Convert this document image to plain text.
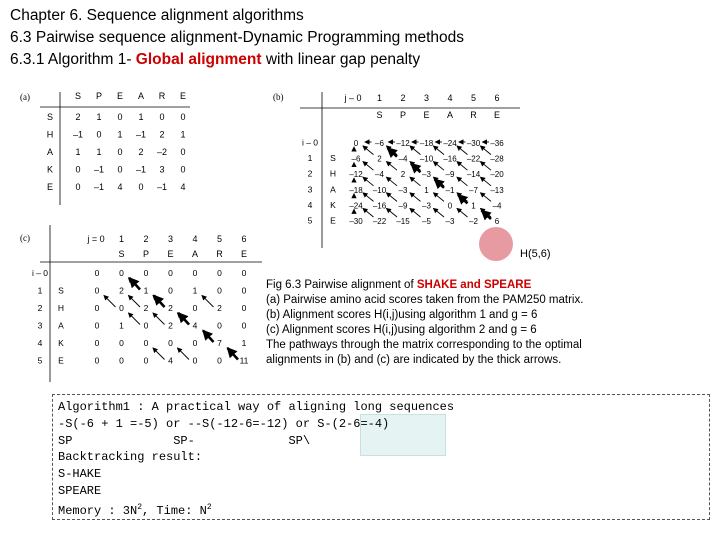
Chapter 6. Sequence alignment algorithms
6.3 Pairwise sequence alignment-Dynamic Programming methods
6.3.1 Algorithm 1- Global alignment with linear gap penalty
(a)	(b)
(c)
H(5,6)
S P E A R E
S 2 1 0 1 0 0
H –1 0 1 –1 2 1
A 1 1 0 2 –2 0
K 0 –1 0 –1 3 0
E 0 –1 4 0 –1 4
j – 0 1 2 3 4 5 6
S P E A R E
i – 0
1
2
3
4
5
S
H
A
K
E
0 –6 –12 –18 –24 –30 –36
–6 2 –4 –10 –16 –22 –28
–12 –4 2 –3 –9 –14 –20
–18 –10 –3 1 –1 –7 –13
–24 –16 –9 –3 0 1 –4
–30 –22 –15 –5 –3 –2 6
j = 0 1 2 3 4 5 6
S P E A R E
i – 0
1
2
3
4
5
S
H
A
K
E
0 0 0 0 0 0 0
0 2 1 0 1 0 0
0 0 2 2 0 2 0
0 1 0 2 4 0 0
0 0 0 0 0 7 1
0 0 0 4 0 0 11
Fig 6.3 Pairwise alignment of SHAKE and SPEARE
(a) Pairwise amino acid scores taken from the PAM250 matrix.
(b) Alignment scores H(i,j)using algorithm 1 and g = 6
(c) Alignment scores H(i,j)using algorithm 2 and g = 6
The pathways through the matrix corresponding to the optimal
alignments in (b) and (c) are indicated by the thick arrows.
Algorithm1 : A practical way of aligning long sequences
-S(-6 + 1 =-5) or --S(-12-6=-12) or S-(2-6=-4)
SP              SP-             SP\
Backtracking result:
S-HAKE
SPEARE
Memory : $3N^2$, Time: $N^2$
